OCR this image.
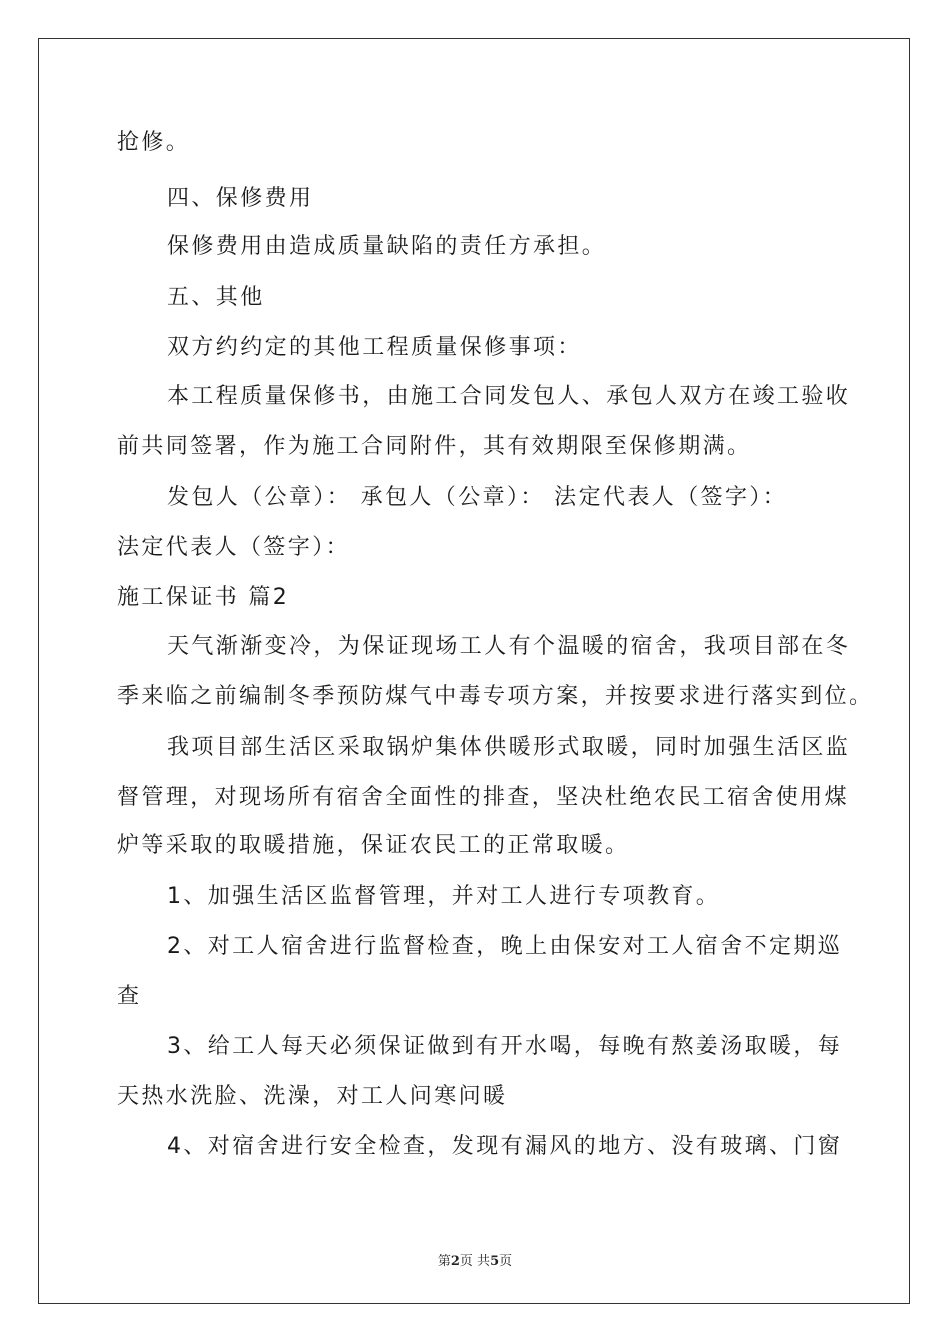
抢修。
四、保修费用
保修费用由造成质量缺陷的责任方承担。
五、其他
双方约约定的其他工程质量保修事项：
本工程质量保修书，由施工合同发包人、承包人双方在竣工验收
前共同签署，作为施工合同附件，其有效期限至保修期满。
发包人（公章）： 承包人（公章）： 法定代表人（签字）：
法定代表人（签字）：
施工保证书 篇2
天气渐渐变冷，为保证现场工人有个温暖的宿舍，我项目部在冬
季来临之前编制冬季预防煤气中毒专项方案，并按要求进行落实到位。
我项目部生活区采取锅炉集体供暖形式取暖，同时加强生活区监
督管理，对现场所有宿舍全面性的排查，坚决杜绝农民工宿舍使用煤
炉等采取的取暖措施，保证农民工的正常取暖。
1、加强生活区监督管理，并对工人进行专项教育。
2、对工人宿舍进行监督检查，晚上由保安对工人宿舍不定期巡
查
3、给工人每天必须保证做到有开水喝，每晚有熬姜汤取暖，每
天热水洗脸、洗澡，对工人问寒问暖
4、对宿舍进行安全检查，发现有漏风的地方、没有玻璃、门窗
第2页 共5页
